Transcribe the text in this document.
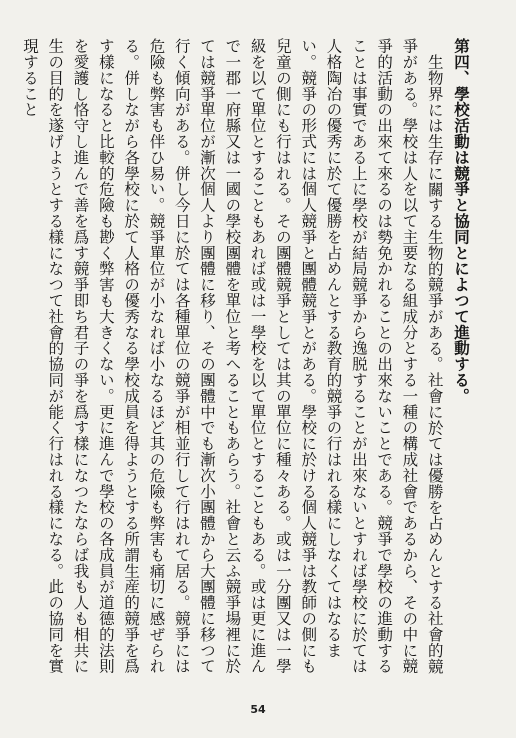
第四、學校活動は競爭と協同とによつて進動する。

生物界には生存に關する生物的競爭がある。社會に於ては優勝を占めんとする社會的競爭がある。學校は人を以て主要なる組成分とする一種の構成社會であるから、その中に競爭的活動の出來て來るのは勢免かれることの出來ないことである。競爭で學校の進動することは事實である上に學校が結局競爭から逸脱することが出來ないとすれば學校に於ては人格陶冶の優秀に於て優勝を占めんとする教育的競爭の行はれる樣にしなくてはなるまい。競爭の形式には個人競爭と團體競爭とがある。學校に於ける個人競爭は教師の側にも兒童の側にも行はれる。その團體競爭としては其の單位に種々ある。或は一分團又は一學級を以て單位とすることもあれば或は一學校を以て單位とすることもある。或は更に進んで一郡一府縣又は一國の學校團體を單位と考へることもあらう。社會と云ふ競爭場裡に於ては競爭單位が漸次個人より團體に移り、その團體中でも漸次小團體から大團體に移つて行く傾向がある。併し今日に於ては各種單位の競爭が相並行して行はれて居る。競爭には危險も弊害も伴ひ易い。競爭單位が小なれば小なるほど其の危險も弊害も痛切に感ぜられる。併しながら各學校に於て人格の優秀なる學校成員を得ようとする所謂生産的競爭を爲す樣になると比較的危險も尠く弊害も大きくない。更に進んで學校の各成員が道德的法則を愛護し恪守し進んで善を爲す競爭即ち君子の爭を爲す樣になつたならば我も人も相共に生の目的を遂げようとする樣になつて社會的協同が能く行はれる樣になる。此の協同を實現すること

54
